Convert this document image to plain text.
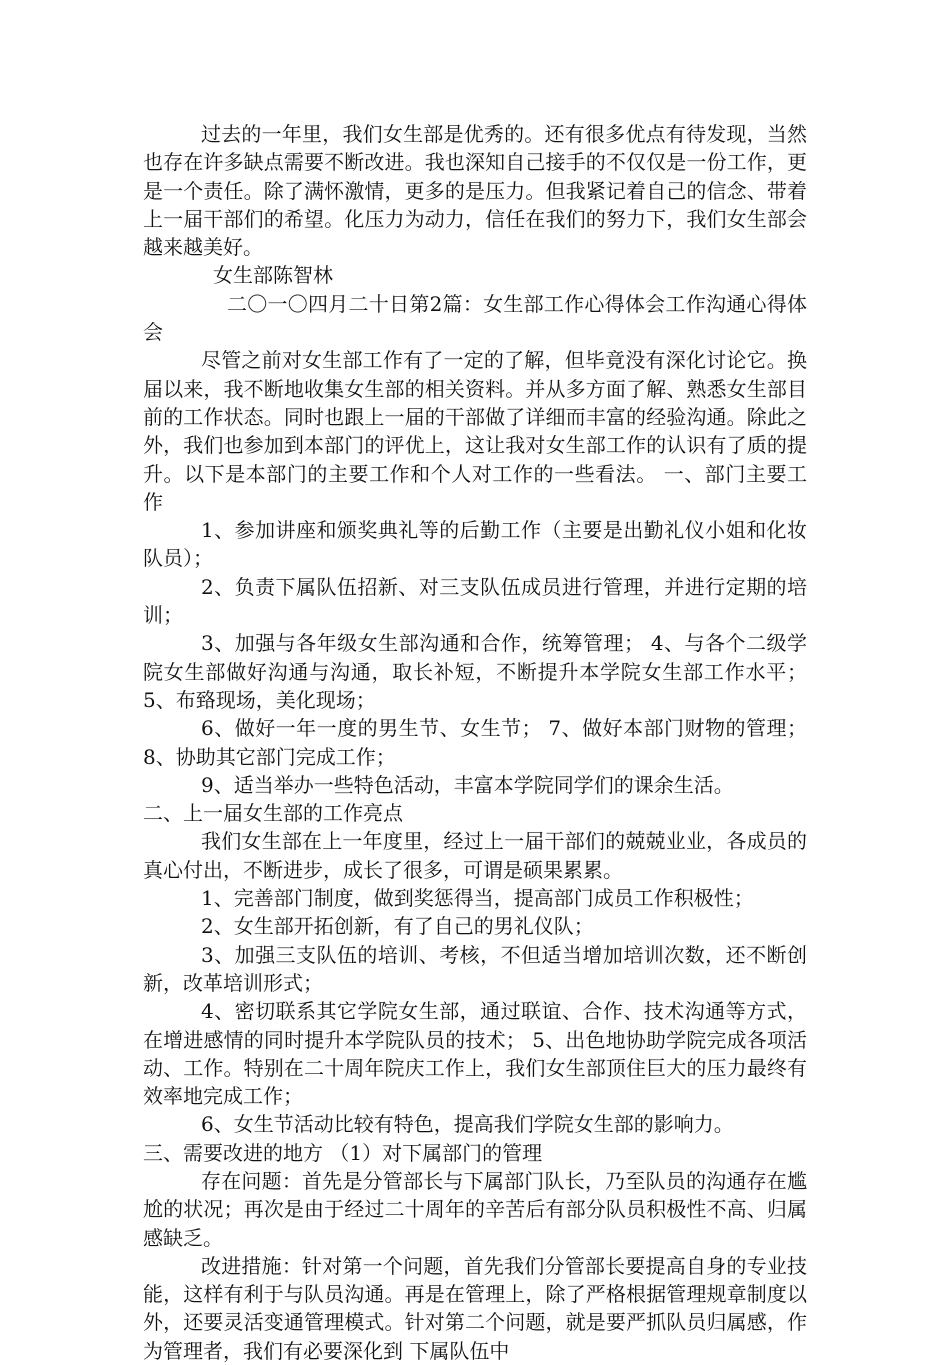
过去的一年里，我们女生部是优秀的。还有很多优点有待发现，当然也存在许多缺点需要不断改进。我也深知自己接手的不仅仅是一份工作，更是一个责任。除了满怀激情，更多的是压力。但我紧记着自己的信念、带着上一届干部们的希望。化压力为动力，信任在我们的努力下，我们女生部会越来越美好。

女生部陈智林

二〇一〇四月二十日第2篇：女生部工作心得体会工作沟通心得体会

尽管之前对女生部工作有了一定的了解，但毕竟没有深化讨论它。换届以来，我不断地收集女生部的相关资料。并从多方面了解、熟悉女生部目前的工作状态。同时也跟上一届的干部做了详细而丰富的经验沟通。除此之外，我们也参加到本部门的评优上，这让我对女生部工作的认识有了质的提升。以下是本部门的主要工作和个人对工作的一些看法。 一、部门主要工作

1、参加讲座和颁奖典礼等的后勤工作（主要是出勤礼仪小姐和化妆队员）；

2、负责下属队伍招新、对三支队伍成员进行管理，并进行定期的培训；

3、加强与各年级女生部沟通和合作，统筹管理； 4、与各个二级学院女生部做好沟通与沟通，取长补短，不断提升本学院女生部工作水平； 5、布臵现场，美化现场；

6、做好一年一度的男生节、女生节； 7、做好本部门财物的管理； 8、协助其它部门完成工作；

9、适当举办一些特色活动，丰富本学院同学们的课余生活。

二、上一届女生部的工作亮点

我们女生部在上一年度里，经过上一届干部们的兢兢业业，各成员的真心付出，不断进步，成长了很多，可谓是硕果累累。

1、完善部门制度，做到奖惩得当，提高部门成员工作积极性；

2、女生部开拓创新，有了自己的男礼仪队；

3、加强三支队伍的培训、考核，不但适当增加培训次数，还不断创新，改革培训形式；

4、密切联系其它学院女生部，通过联谊、合作、技术沟通等方式，在增进感情的同时提升本学院队员的技术； 5、出色地协助学院完成各项活动、工作。特别在二十周年院庆工作上，我们女生部顶住巨大的压力最终有效率地完成工作；

6、女生节活动比较有特色，提高我们学院女生部的影响力。

三、需要改进的地方 （1）对下属部门的管理

存在问题：首先是分管部长与下属部门队长，乃至队员的沟通存在尴尬的状况；再次是由于经过二十周年的辛苦后有部分队员积极性不高、归属感缺乏。

改进措施：针对第一个问题，首先我们分管部长要提高自身的专业技能，这样有利于与队员沟通。再是在管理上，除了严格根据管理规章制度以外，还要灵活变通管理模式。针对第二个问题，就是要严抓队员归属感，作为管理者，我们有必要深化到 下属队伍中
